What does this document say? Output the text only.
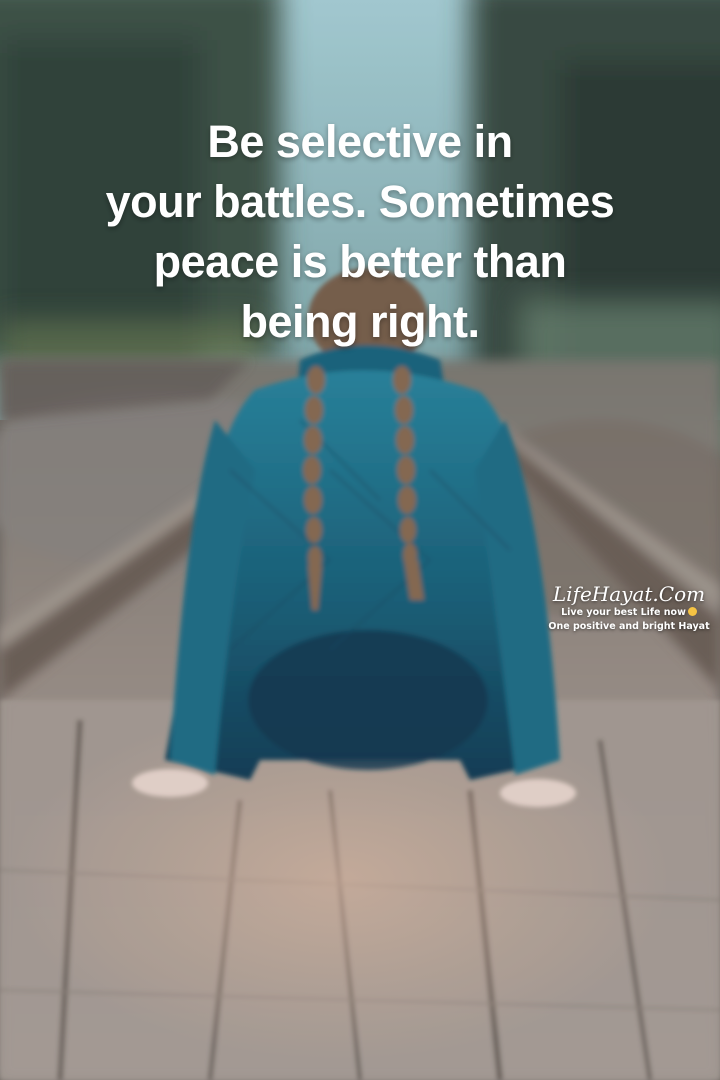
Be selective in
your battles. Sometimes
peace is better than
being right.
LifeHayat.Com
Live your best Life now
One positive and bright Hayat
